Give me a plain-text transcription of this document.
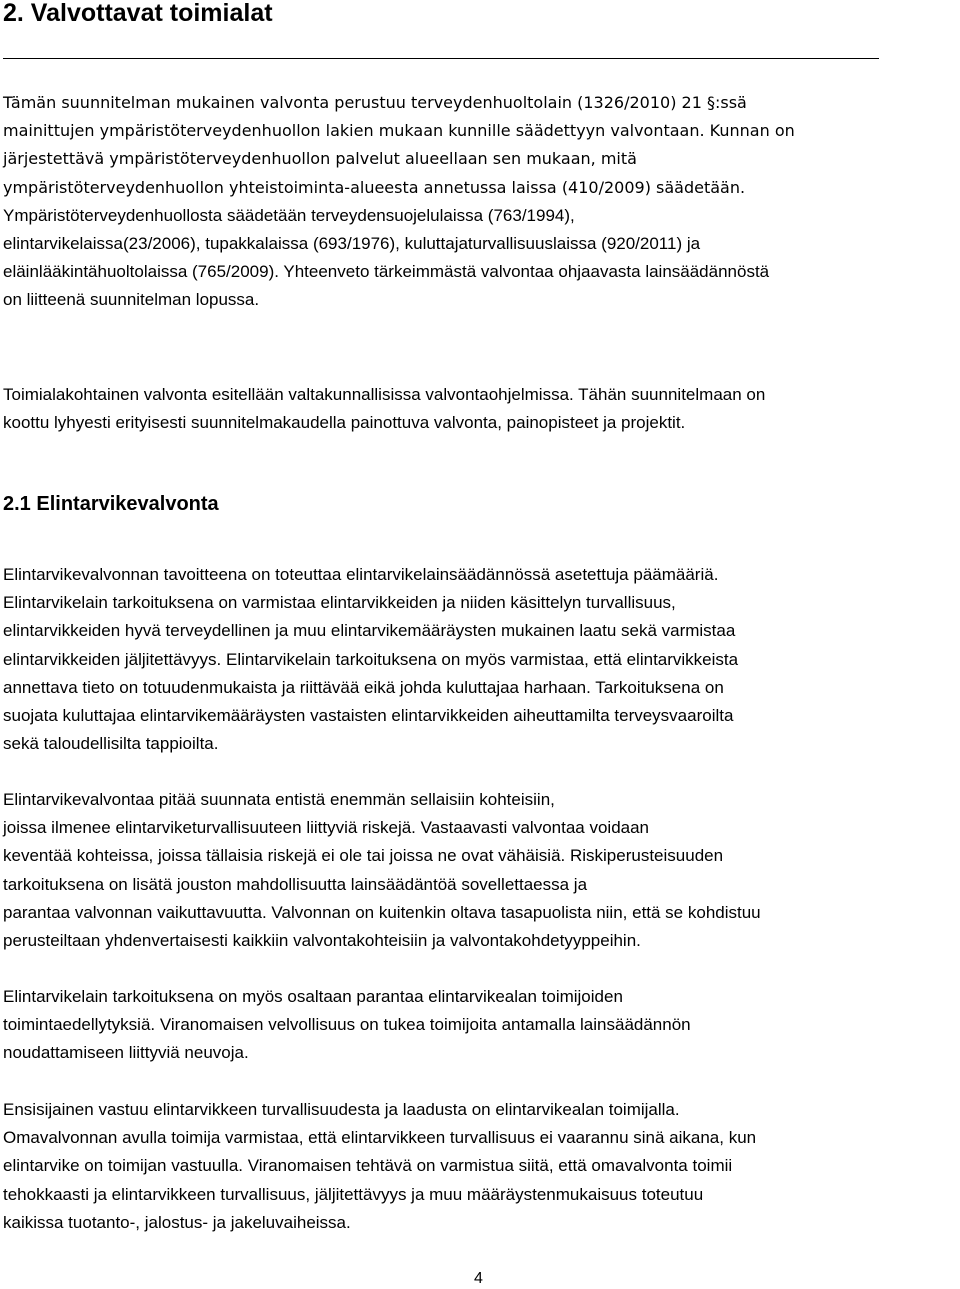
2. Valvottavat toimialat
Tämän suunnitelman mukainen valvonta perustuu terveydenhuoltolain (1326/2010) 21 §:ssä
mainittujen ympäristöterveydenhuollon lakien mukaan kunnille säädettyyn valvontaan. Kunnan on
järjestettävä ympäristöterveydenhuollon palvelut alueellaan sen mukaan, mitä
ympäristöterveydenhuollon yhteistoiminta-alueesta annetussa laissa (410/2009) säädetään.
Ympäristöterveydenhuollosta säädetään terveydensuojelulaissa (763/1994),
elintarvikelaissa(23/2006), tupakkalaissa (693/1976), kuluttajaturvallisuuslaissa (920/2011) ja
eläinlääkintähuoltolaissa (765/2009). Yhteenveto tärkeimmästä valvontaa ohjaavasta lainsäädännöstä
on liitteenä suunnitelman lopussa.
Toimialakohtainen valvonta esitellään valtakunnallisissa valvontaohjelmissa. Tähän suunnitelmaan on
koottu lyhyesti erityisesti suunnitelmakaudella painottuva valvonta, painopisteet ja projektit.
2.1 Elintarvikevalvonta
Elintarvikevalvonnan tavoitteena on toteuttaa elintarvikelainsäädännössä asetettuja päämääriä.
Elintarvikelain tarkoituksena on varmistaa elintarvikkeiden ja niiden käsittelyn turvallisuus,
elintarvikkeiden hyvä terveydellinen ja muu elintarvikemääräysten mukainen laatu sekä varmistaa
elintarvikkeiden jäljitettävyys. Elintarvikelain tarkoituksena on myös varmistaa, että elintarvikkeista
annettava tieto on totuudenmukaista ja riittävää eikä johda kuluttajaa harhaan. Tarkoituksena on
suojata kuluttajaa elintarvikemääräysten vastaisten elintarvikkeiden aiheuttamilta terveysvaaroilta
sekä taloudellisilta tappioilta.
Elintarvikevalvontaa pitää suunnata entistä enemmän sellaisiin kohteisiin,
joissa ilmenee elintarviketurvallisuuteen liittyviä riskejä. Vastaavasti valvontaa voidaan
keventää kohteissa, joissa tällaisia riskejä ei ole tai joissa ne ovat vähäisiä. Riskiperusteisuuden
tarkoituksena on lisätä jouston mahdollisuutta lainsäädäntöä sovellettaessa ja
parantaa valvonnan vaikuttavuutta. Valvonnan on kuitenkin oltava tasapuolista niin, että se kohdistuu
perusteiltaan yhdenvertaisesti kaikkiin valvontakohteisiin ja valvontakohdetyyppeihin.
Elintarvikelain tarkoituksena on myös osaltaan parantaa elintarvikealan toimijoiden
toimintaedellytyksiä. Viranomaisen velvollisuus on tukea toimijoita antamalla lainsäädännön
noudattamiseen liittyviä neuvoja.
Ensisijainen vastuu elintarvikkeen turvallisuudesta ja laadusta on elintarvikealan toimijalla.
Omavalvonnan avulla toimija varmistaa, että elintarvikkeen turvallisuus ei vaarannu sinä aikana, kun
elintarvike on toimijan vastuulla. Viranomaisen tehtävä on varmistua siitä, että omavalvonta toimii
tehokkaasti ja elintarvikkeen turvallisuus, jäljitettävyys ja muu määräystenmukaisuus toteutuu
kaikissa tuotanto-, jalostus- ja jakeluvaiheissa.
4
